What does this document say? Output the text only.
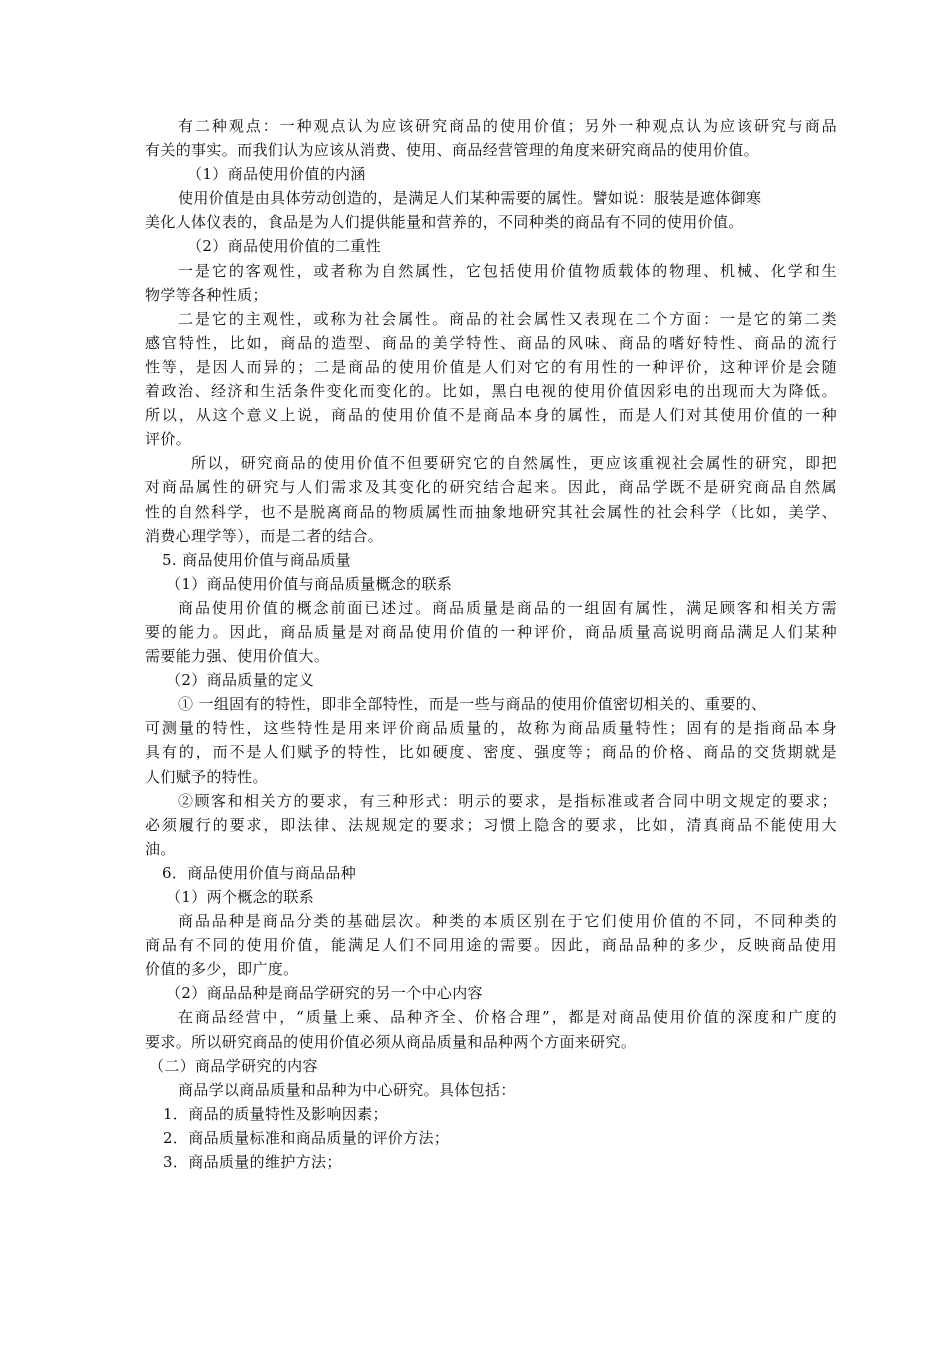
有二种观点：一种观点认为应该研究商品的使用价值；另外一种观点认为应该研究与商品
有关的事实。而我们认为应该从消费、使用、商品经营管理的角度来研究商品的使用价值。
（1）商品使用价值的内涵
使用价值是由具体劳动创造的，是满足人们某种需要的属性。譬如说：服装是遮体御寒
美化人体仪表的，食品是为人们提供能量和营养的，不同种类的商品有不同的使用价值。
（2）商品使用价值的二重性
一是它的客观性，或者称为自然属性，它包括使用价值物质载体的物理、机械、化学和生
物学等各种性质；
二是它的主观性，或称为社会属性。商品的社会属性又表现在二个方面：一是它的第二类
感官特性，比如，商品的造型、商品的美学特性、商品的风味、商品的嗜好特性、商品的流行
性等，是因人而异的；二是商品的使用价值是人们对它的有用性的一种评价，这种评价是会随
着政治、经济和生活条件变化而变化的。比如，黑白电视的使用价值因彩电的出现而大为降低。
所以，从这个意义上说，商品的使用价值不是商品本身的属性，而是人们对其使用价值的一种
评价。
所以，研究商品的使用价值不但要研究它的自然属性，更应该重视社会属性的研究，即把
对商品属性的研究与人们需求及其变化的研究结合起来。因此，商品学既不是研究商品自然属
性的自然科学，也不是脱离商品的物质属性而抽象地研究其社会属性的社会科学（比如，美学、
消费心理学等），而是二者的结合。
5. 商品使用价值与商品质量
（1）商品使用价值与商品质量概念的联系
商品使用价值的概念前面已述过。商品质量是商品的一组固有属性，满足顾客和相关方需
要的能力。因此，商品质量是对商品使用价值的一种评价，商品质量高说明商品满足人们某种
需要能力强、使用价值大。
（2）商品质量的定义
① 一组固有的特性，即非全部特性，而是一些与商品的使用价值密切相关的、重要的、
可测量的特性，这些特性是用来评价商品质量的，故称为商品质量特性；固有的是指商品本身
具有的，而不是人们赋予的特性，比如硬度、密度、强度等；商品的价格、商品的交货期就是
人们赋予的特性。
②顾客和相关方的要求，有三种形式：明示的要求，是指标准或者合同中明文规定的要求；
必须履行的要求，即法律、法规规定的要求；习惯上隐含的要求，比如，清真商品不能使用大
油。
6．商品使用价值与商品品种
（1）两个概念的联系
商品品种是商品分类的基础层次。种类的本质区别在于它们使用价值的不同，不同种类的
商品有不同的使用价值，能满足人们不同用途的需要。因此，商品品种的多少，反映商品使用
价值的多少，即广度。
（2）商品品种是商品学研究的另一个中心内容
在商品经营中，“质量上乘、品种齐全、价格合理”，都是对商品使用价值的深度和广度的
要求。所以研究商品的使用价值必须从商品质量和品种两个方面来研究。
（二）商品学研究的内容
商品学以商品质量和品种为中心研究。具体包括：
1．商品的质量特性及影响因素；
2．商品质量标准和商品质量的评价方法；
3．商品质量的维护方法；
